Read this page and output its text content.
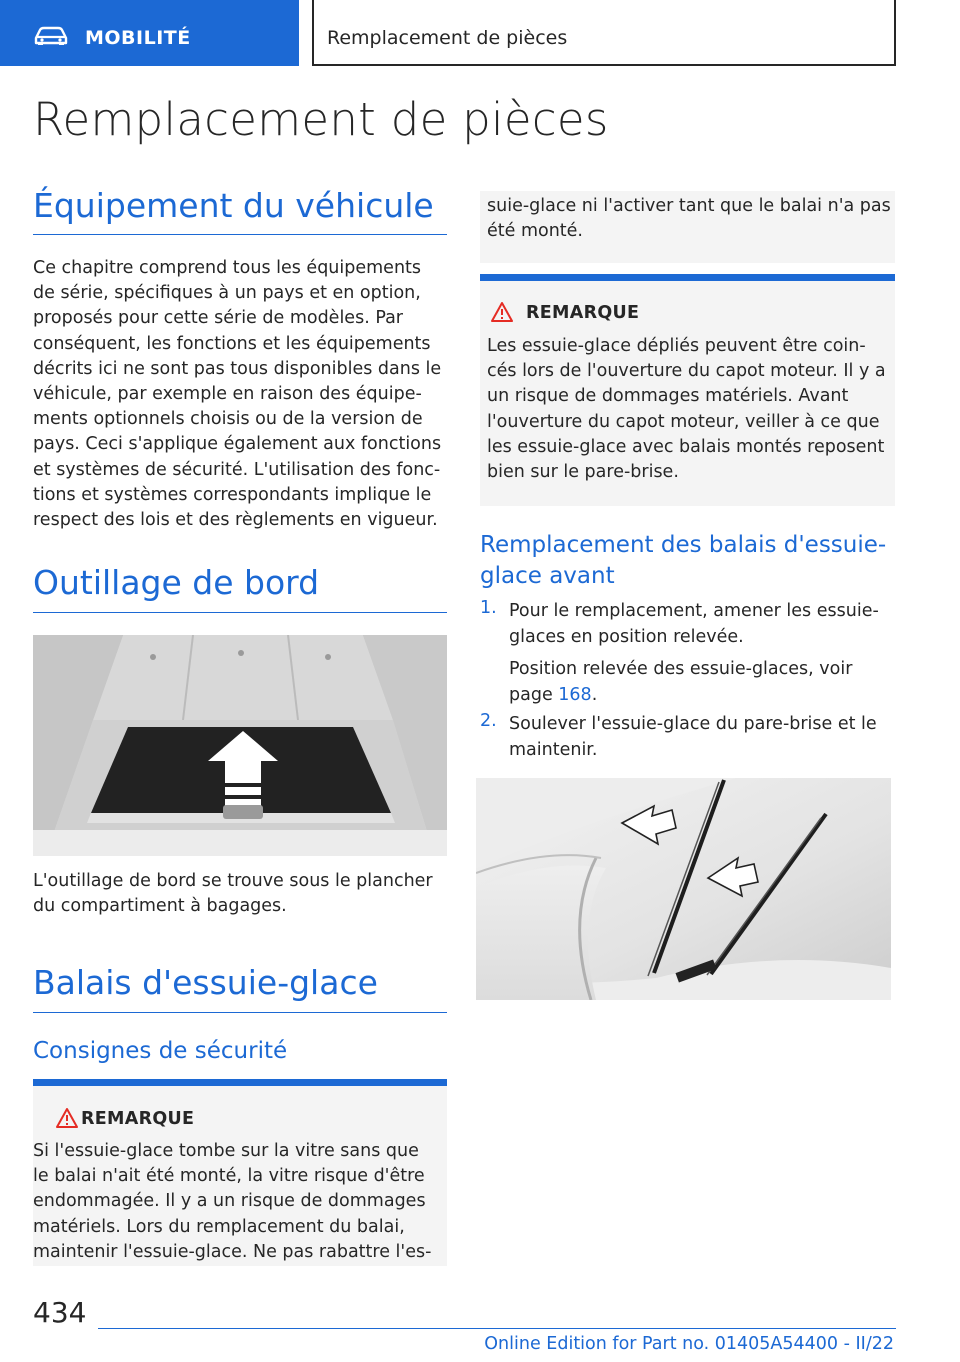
MOBILITÉ	Remplacement de pièces
Remplacement de pièces
Équipement du véhicule
Ce chapitre comprend tous les équipements
de série, spécifiques à un pays et en option,
proposés pour cette série de modèles. Par
conséquent, les fonctions et les équipements
décrits ici ne sont pas tous disponibles dans le
véhicule, par exemple en raison des équipe-
ments optionnels choisis ou de la version de
pays. Ceci s'applique également aux fonctions
et systèmes de sécurité. L'utilisation des fonc-
tions et systèmes correspondants implique le
respect des lois et des règlements en vigueur.
Outillage de bord
L'outillage de bord se trouve sous le plancher
du compartiment à bagages.
Balais d'essuie-glace
Consignes de sécurité
REMARQUE
Si l'essuie-glace tombe sur la vitre sans que
le balai n'ait été monté, la vitre risque d'être
endommagée. Il y a un risque de dommages
matériels. Lors du remplacement du balai,
maintenir l'essuie-glace. Ne pas rabattre l'es-
suie-glace ni l'activer tant que le balai n'a pas
été monté.
REMARQUE
Les essuie-glace dépliés peuvent être coin-
cés lors de l'ouverture du capot moteur. Il y a
un risque de dommages matériels. Avant
l'ouverture du capot moteur, veiller à ce que
les essuie-glace avec balais montés reposent
bien sur le pare-brise.
Remplacement des balais d'essuie-
glace avant
1. Pour le remplacement, amener les essuie-
glaces en position relevée.
Position relevée des essuie-glaces, voir
page 168.
2. Soulever l'essuie-glace du pare-brise et le
maintenir.
434
Online Edition for Part no. 01405A54400 - II/22
